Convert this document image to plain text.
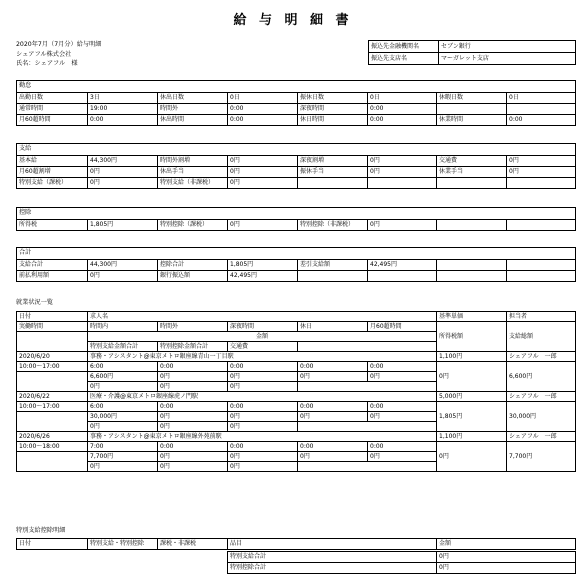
給 与 明 細 書
2020年7月（7月分）給与明細
シェアフル株式会社
氏名：シェアフル　様
振込先金融機関名	セブン銀行
振込先支店名	マーガレット支店
勤怠							
出勤日数	3日	休出日数	0日	振休日数	0日	休暇日数	0日
通常時間	19:00	時間外	0:00	深夜時間	0:00		
月60超時間	0:00	休出時間	0:00	休日時間	0:00	休業時間	0:00
支給							
基本給	44,300円	時間外割増	0円	深夜割増	0円	交通費	0円
月60超割増	0円	休出手当	0円	振休手当	0円	休業手当	0円
特別支給（課税）	0円	特別支給（非課税）	0円				
控除
所得税	1,805円	特別控除（課税）	0円	特別控除（非課税）	0円		
合計							
支給合計	44,300円	控除合計	1,805円	差引支給額	42,495円		
前払利用額	0円	銀行振込額	42,495円				
就業状況一覧
日付	求人名					基準単価	担当者
実働時間	時間内	時間外	深夜時間	休日	月60超時間	所得税額	支給総額
	金額						
	特別支給金額合計	特別控除金額合計	交通費				
2020/6/20	事務・アシスタント@東京メトロ銀座線青山一丁目駅					1,100円	シェアフル　一郎
10:00～17:00	6:00	0:00	0:00	0:00	0:00	0円	6,600円
	6,600円	0円	0円	0円	0円		
	0円	0円	0円				
2020/6/22	医療・介護@東京メトロ銀座線虎ノ門駅					5,000円	シェアフル　一郎
10:00～17:00	6:00	0:00	0:00	0:00	0:00	1,805円	30,000円
	30,000円	0円	0円	0円	0円		
	0円	0円	0円				
2020/6/26	事務・アシスタント@東京メトロ銀座線外苑前駅					1,100円	シェアフル　一郎
10:00～18:00	7:00	0:00	0:00	0:00	0:00	0円	7,700円
	7,700円	0円	0円	0円	0円		
	0円	0円	0円				
特別支給控除明細
日付	特別支給・特別控除	課税・非課税	品目	金額
特別支給合計	0円
特別控除合計	0円
